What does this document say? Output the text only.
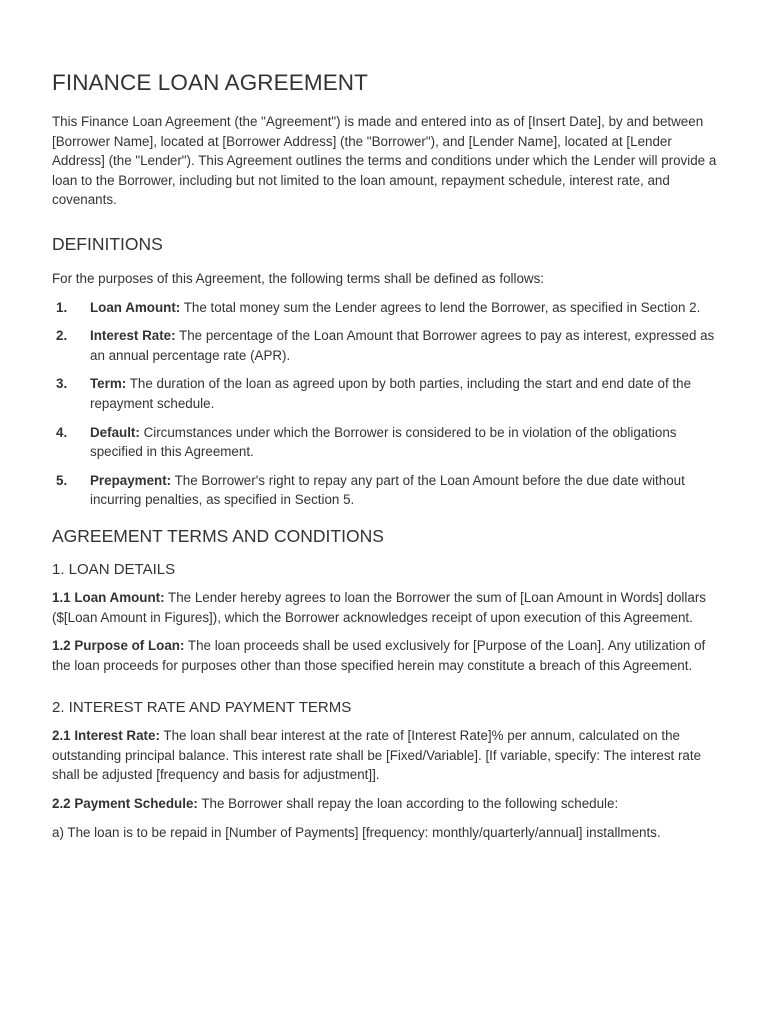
FINANCE LOAN AGREEMENT

This Finance Loan Agreement (the "Agreement") is made and entered into as of [Insert Date], by and between [Borrower Name], located at [Borrower Address] (the "Borrower"), and [Lender Name], located at [Lender Address] (the "Lender"). This Agreement outlines the terms and conditions under which the Lender will provide a loan to the Borrower, including but not limited to the loan amount, repayment schedule, interest rate, and covenants.

DEFINITIONS

For the purposes of this Agreement, the following terms shall be defined as follows:

1. Loan Amount: The total money sum the Lender agrees to lend the Borrower, as specified in Section 2.
2. Interest Rate: The percentage of the Loan Amount that Borrower agrees to pay as interest, expressed as an annual percentage rate (APR).
3. Term: The duration of the loan as agreed upon by both parties, including the start and end date of the repayment schedule.
4. Default: Circumstances under which the Borrower is considered to be in violation of the obligations specified in this Agreement.
5. Prepayment: The Borrower's right to repay any part of the Loan Amount before the due date without incurring penalties, as specified in Section 5.
AGREEMENT TERMS AND CONDITIONS
1. LOAN DETAILS

1.1 Loan Amount: The Lender hereby agrees to loan the Borrower the sum of [Loan Amount in Words] dollars ($[Loan Amount in Figures]), which the Borrower acknowledges receipt of upon execution of this Agreement.

1.2 Purpose of Loan: The loan proceeds shall be used exclusively for [Purpose of the Loan]. Any utilization of the loan proceeds for purposes other than those specified herein may constitute a breach of this Agreement.

2. INTEREST RATE AND PAYMENT TERMS

2.1 Interest Rate: The loan shall bear interest at the rate of [Interest Rate]% per annum, calculated on the outstanding principal balance. This interest rate shall be [Fixed/Variable]. [If variable, specify: The interest rate shall be adjusted [frequency and basis for adjustment]].

2.2 Payment Schedule: The Borrower shall repay the loan according to the following schedule:

a) The loan is to be repaid in [Number of Payments] [frequency: monthly/quarterly/annual] installments.
